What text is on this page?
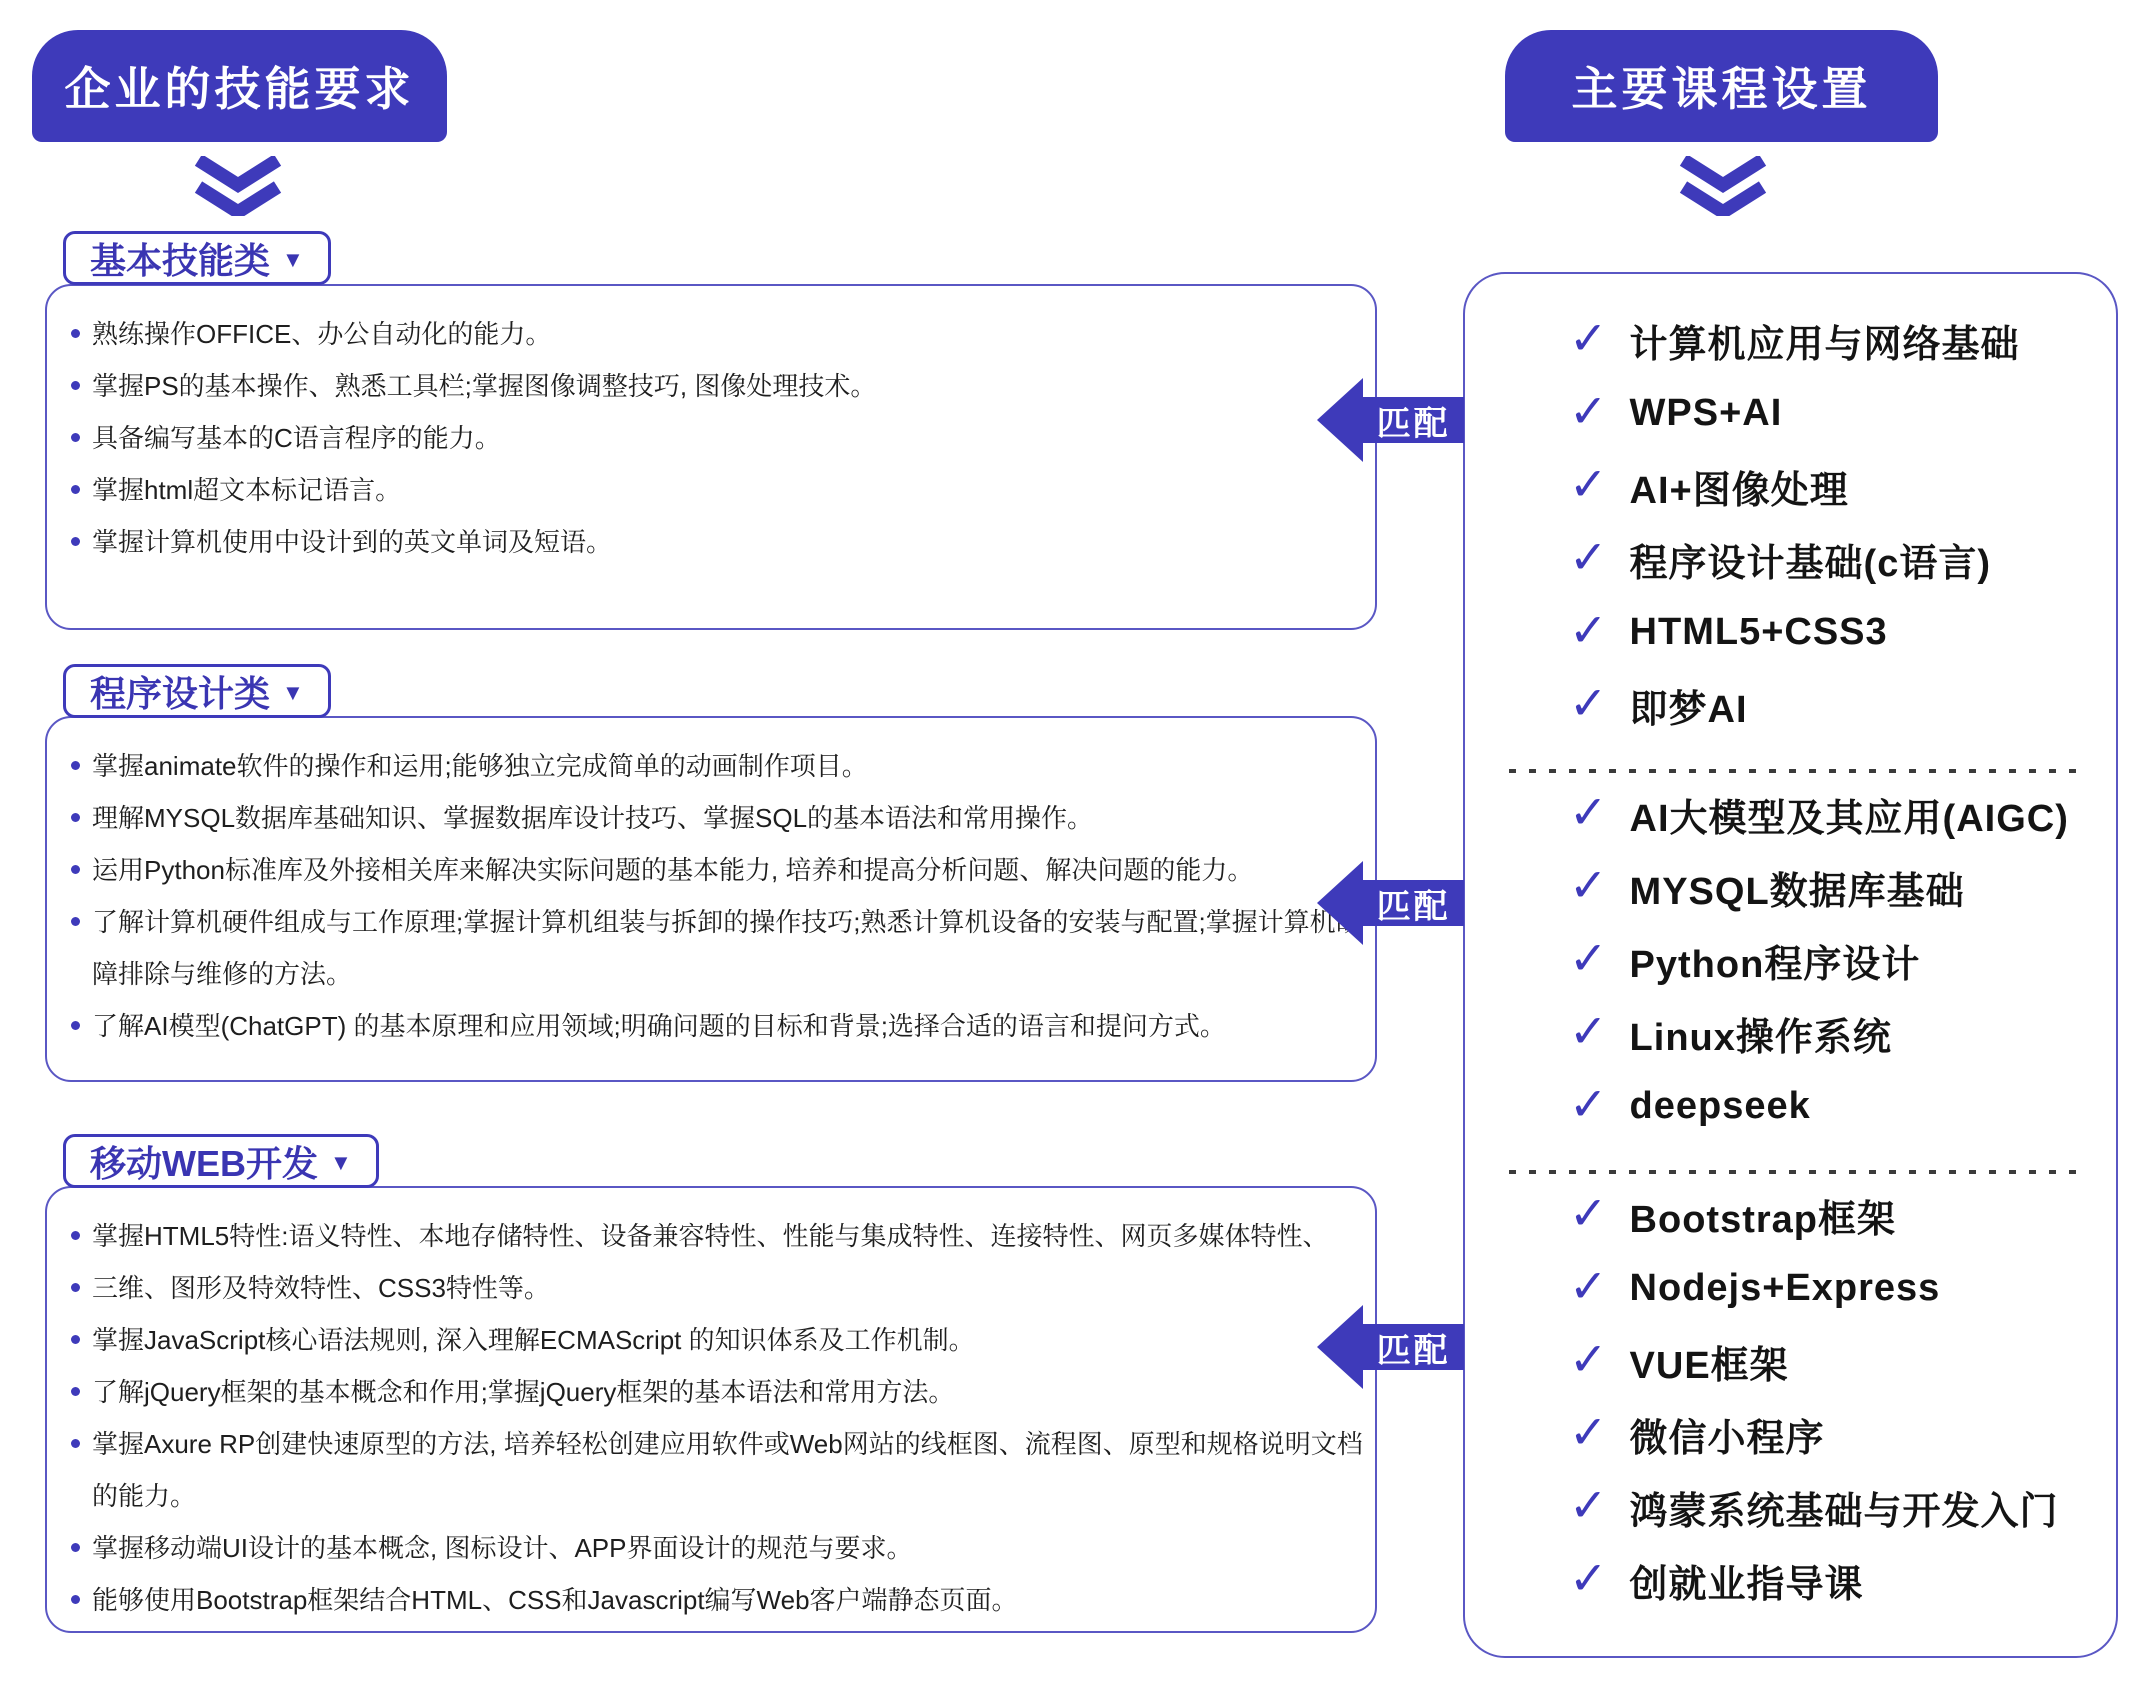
企业的技能要求	主要课程设置
基本技能类 ▼
熟练操作OFFICE、办公自动化的能力。
掌握PS的基本操作、熟悉工具栏;掌握图像调整技巧, 图像处理技术。
具备编写基本的C语言程序的能力。
掌握html超文本标记语言。
掌握计算机使用中设计到的英文单词及短语。
程序设计类 ▼
掌握animate软件的操作和运用;能够独立完成简单的动画制作项目。
理解MYSQL数据库基础知识、掌握数据库设计技巧、掌握SQL的基本语法和常用操作。
运用Python标准库及外接相关库来解决实际问题的基本能力, 培养和提高分析问题、解决问题的能力。
了解计算机硬件组成与工作原理;掌握计算机组装与拆卸的操作技巧;熟悉计算机设备的安装与配置;掌握计算机故障排除与维修的方法。
了解AI模型(ChatGPT) 的基本原理和应用领域;明确问题的目标和背景;选择合适的语言和提问方式。
移动WEB开发 ▼
掌握HTML5特性:语义特性、本地存储特性、设备兼容特性、性能与集成特性、连接特性、网页多媒体特性、
三维、图形及特效特性、CSS3特性等。
掌握JavaScript核心语法规则, 深入理解ECMAScript 的知识体系及工作机制。
了解jQuery框架的基本概念和作用;掌握jQuery框架的基本语法和常用方法。
掌握Axure RP创建快速原型的方法, 培养轻松创建应用软件或Web网站的线框图、流程图、原型和规格说明文档的能力。
掌握移动端UI设计的基本概念, 图标设计、APP界面设计的规范与要求。
能够使用Bootstrap框架结合HTML、CSS和Javascript编写Web客户端静态页面。
✓ 计算机应用与网络基础
✓ WPS+AI
✓ AI+图像处理
✓ 程序设计基础(c语言)
✓ HTML5+CSS3
✓ 即梦AI
✓ AI大模型及其应用(AIGC)
✓ MYSQL数据库基础
✓ Python程序设计
✓ Linux操作系统
✓ deepseek
✓ Bootstrap框架
✓ Nodejs+Express
✓ VUE框架
✓ 微信小程序
✓ 鸿蒙系统基础与开发入门
✓ 创就业指导课
匹配
匹配
匹配
